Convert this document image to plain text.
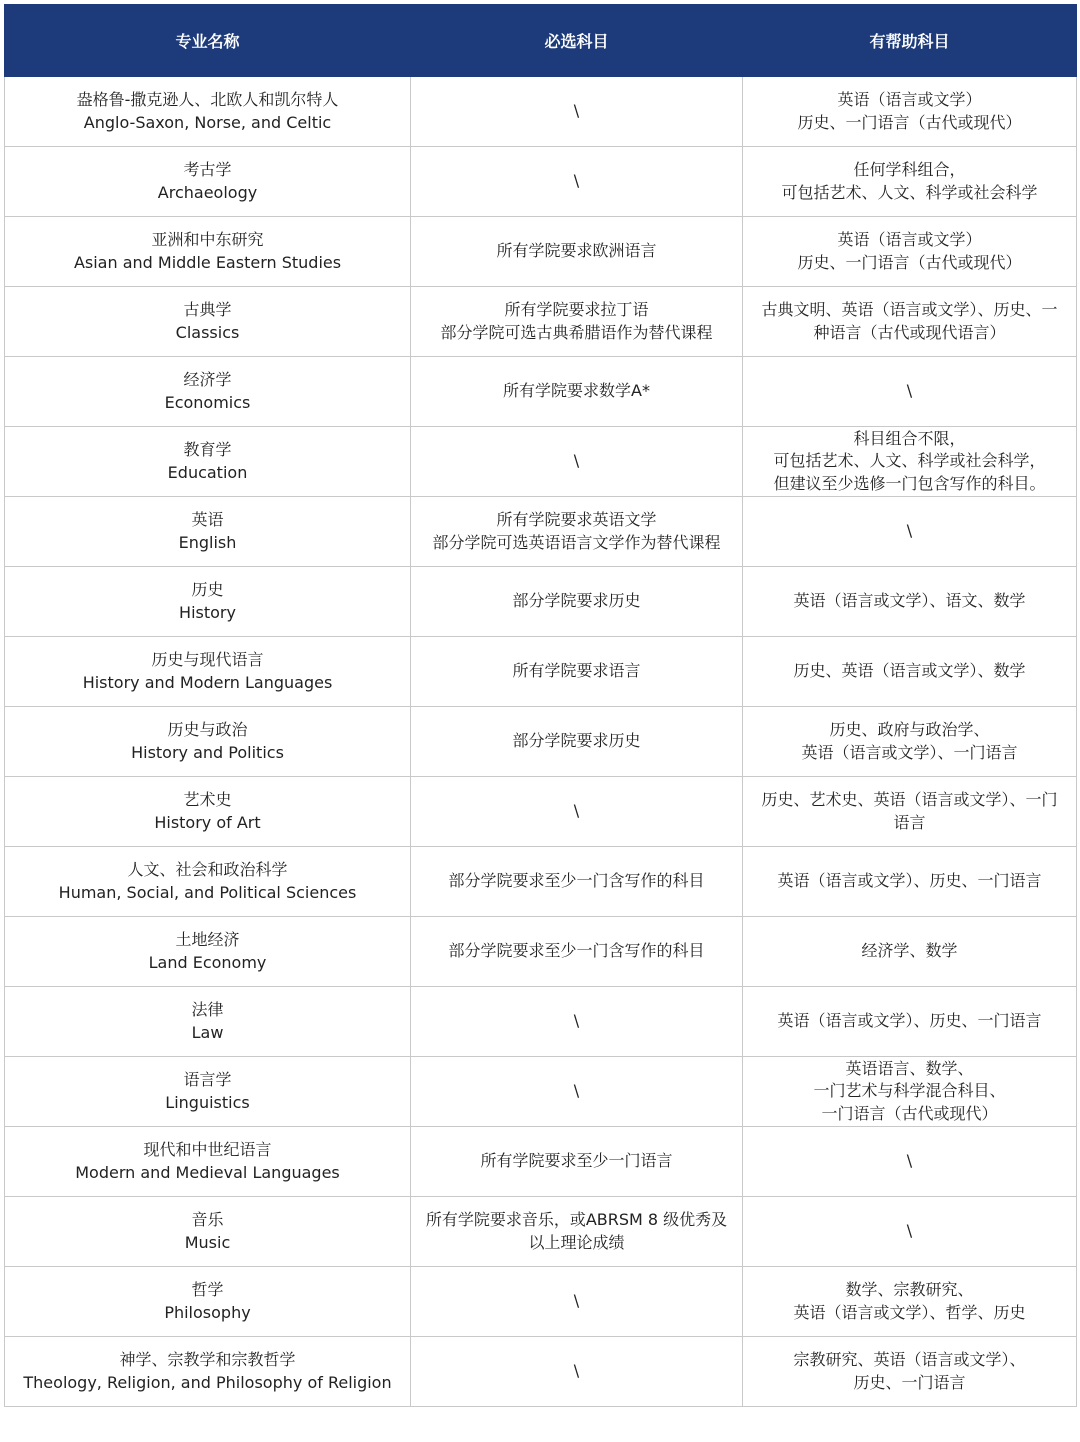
专业名称	必选科目	有帮助科目

盎格鲁-撒克逊人、北欧人和凯尔特人
Anglo-Saxon, Norse, and Celtic	\	英语（语言或文学）
历史、一门语言（古代或现代）

考古学
Archaeology	\	任何学科组合，
可包括艺术、人文、科学或社会科学

亚洲和中东研究
Asian and Middle Eastern Studies	所有学院要求欧洲语言	英语（语言或文学）
历史、一门语言（古代或现代）

古典学
Classics	所有学院要求拉丁语
部分学院可选古典希腊语作为替代课程	古典文明、英语（语言或文学）、历史、一
种语言（古代或现代语言）

经济学
Economics	所有学院要求数学A*	\

教育学
Education	\	科目组合不限，
可包括艺术、人文、科学或社会科学，
但建议至少选修一门包含写作的科目。

英语
English	所有学院要求英语文学
部分学院可选英语语言文学作为替代课程	\

历史
History	部分学院要求历史	英语（语言或文学）、语文、数学

历史与现代语言
History and Modern Languages	所有学院要求语言	历史、英语（语言或文学）、数学

历史与政治
History and Politics	部分学院要求历史	历史、政府与政治学、
英语（语言或文学）、一门语言

艺术史
History of Art	\	历史、艺术史、英语（语言或文学）、一门
语言

人文、社会和政治科学
Human, Social, and Political Sciences	部分学院要求至少一门含写作的科目	英语（语言或文学）、历史、一门语言

土地经济
Land Economy	部分学院要求至少一门含写作的科目	经济学、数学

法律
Law	\	英语（语言或文学）、历史、一门语言

语言学
Linguistics	\	英语语言、数学、
一门艺术与科学混合科目、
一门语言（古代或现代）

现代和中世纪语言
Modern and Medieval Languages	所有学院要求至少一门语言	\

音乐
Music	所有学院要求音乐，或ABRSM 8 级优秀及
以上理论成绩	\

哲学
Philosophy	\	数学、宗教研究、
英语（语言或文学）、哲学、历史

神学、宗教学和宗教哲学
Theology, Religion, and Philosophy of Religion	\	宗教研究、英语（语言或文学）、
历史、一门语言
